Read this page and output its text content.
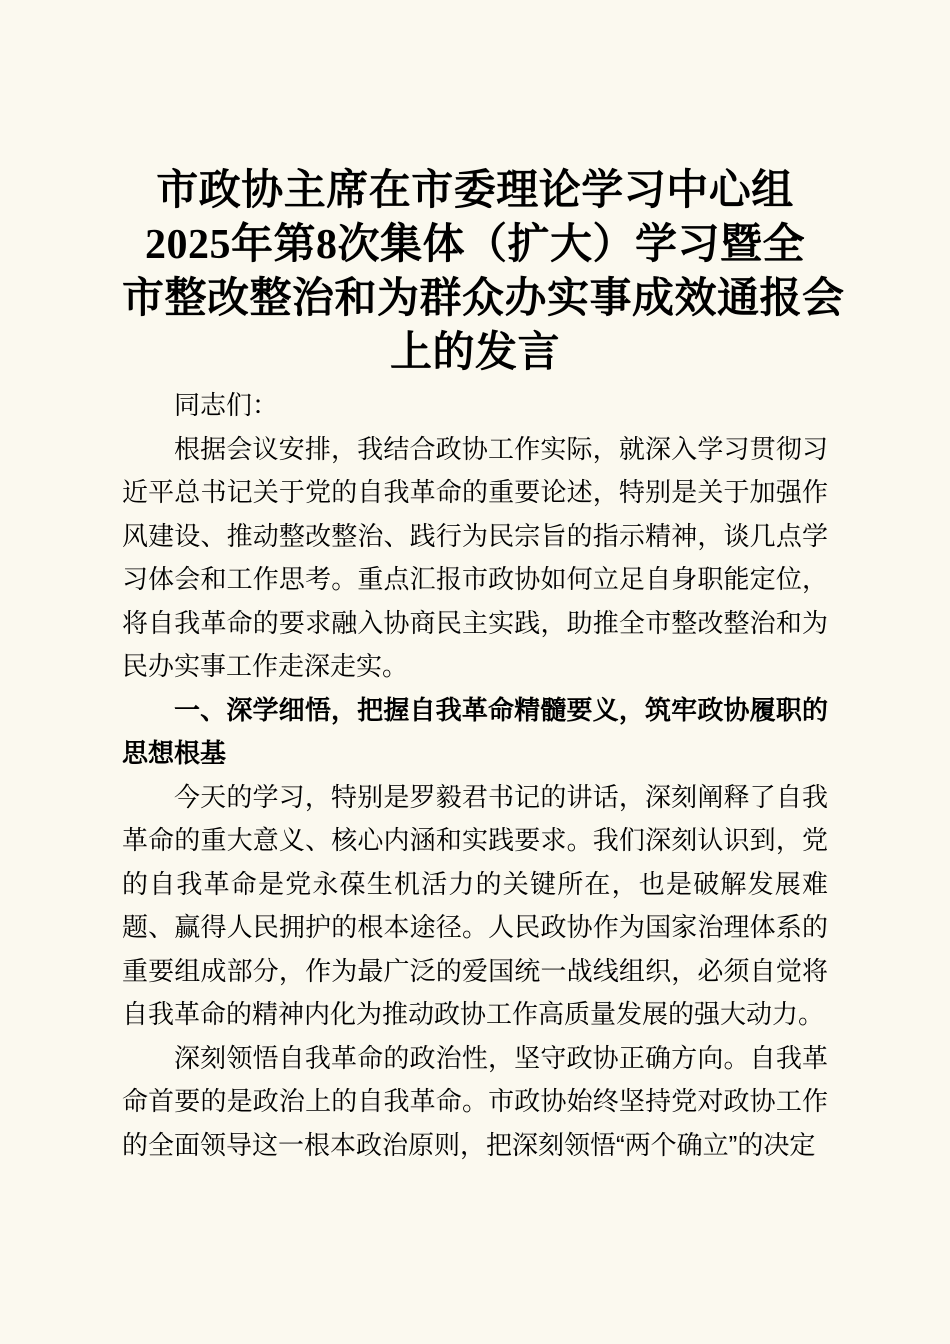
市政协主席在市委理论学习中心组
2025年第8次集体（扩大）学习暨全
市整改整治和为群众办实事成效通报会
上的发言

同志们：

根据会议安排，我结合政协工作实际，就深入学习贯彻习近平总书记关于党的自我革命的重要论述，特别是关于加强作风建设、推动整改整治、践行为民宗旨的指示精神，谈几点学习体会和工作思考。重点汇报市政协如何立足自身职能定位，将自我革命的要求融入协商民主实践，助推全市整改整治和为民办实事工作走深走实。

一、深学细悟，把握自我革命精髓要义，筑牢政协履职的思想根基

今天的学习，特别是罗毅君书记的讲话，深刻阐释了自我革命的重大意义、核心内涵和实践要求。我们深刻认识到，党的自我革命是党永葆生机活力的关键所在，也是破解发展难题、赢得人民拥护的根本途径。人民政协作为国家治理体系的重要组成部分，作为最广泛的爱国统一战线组织，必须自觉将自我革命的精神内化为推动政协工作高质量发展的强大动力。

深刻领悟自我革命的政治性，坚守政协正确方向。自我革命首要的是政治上的自我革命。市政协始终坚持党对政协工作的全面领导这一根本政治原则，把深刻领悟“两个确立”的决定
